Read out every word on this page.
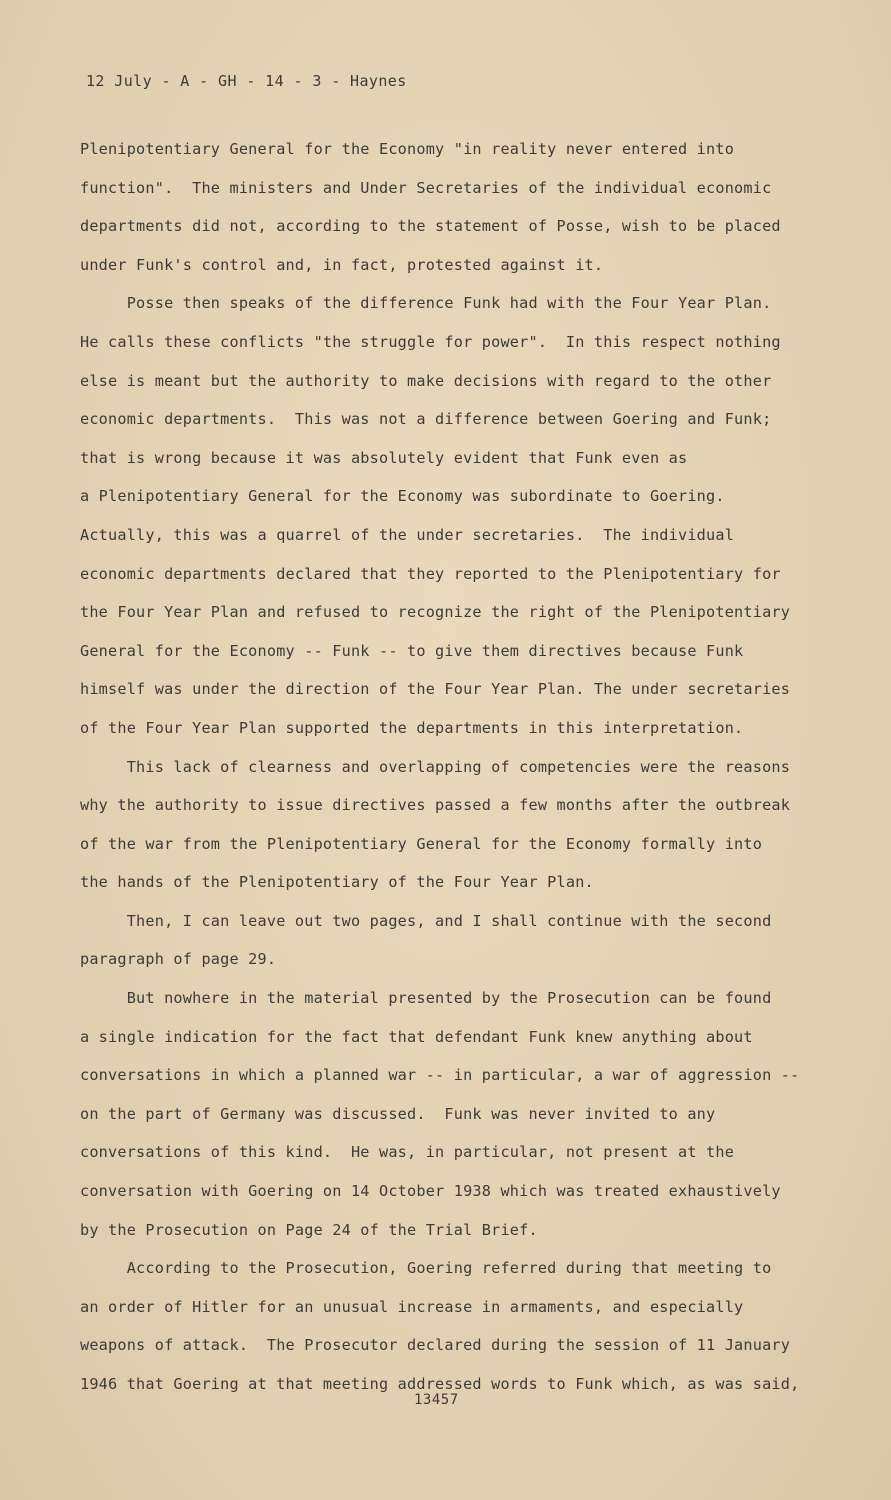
12 July - A - GH - 14 - 3 - Haynes
Plenipotentiary General for the Economy "in reality never entered into
function".  The ministers and Under Secretaries of the individual economic
departments did not, according to the statement of Posse, wish to be placed
under Funk's control and, in fact, protested against it.
Posse then speaks of the difference Funk had with the Four Year Plan.
He calls these conflicts "the struggle for power".  In this respect nothing
else is meant but the authority to make decisions with regard to the other
economic departments.  This was not a difference between Goering and Funk;
that is wrong because it was absolutely evident that Funk even as
a Plenipotentiary General for the Economy was subordinate to Goering.
Actually, this was a quarrel of the under secretaries.  The individual
economic departments declared that they reported to the Plenipotentiary for
the Four Year Plan and refused to recognize the right of the Plenipotentiary
General for the Economy -- Funk -- to give them directives because Funk
himself was under the direction of the Four Year Plan. The under secretaries
of the Four Year Plan supported the departments in this interpretation.
This lack of clearness and overlapping of competencies were the reasons
why the authority to issue directives passed a few months after the outbreak
of the war from the Plenipotentiary General for the Economy formally into
the hands of the Plenipotentiary of the Four Year Plan.
Then, I can leave out two pages, and I shall continue with the second
paragraph of page 29.
But nowhere in the material presented by the Prosecution can be found
a single indication for the fact that defendant Funk knew anything about
conversations in which a planned war -- in particular, a war of aggression --
on the part of Germany was discussed.  Funk was never invited to any
conversations of this kind.  He was, in particular, not present at the
conversation with Goering on 14 October 1938 which was treated exhaustively
by the Prosecution on Page 24 of the Trial Brief.
According to the Prosecution, Goering referred during that meeting to
an order of Hitler for an unusual increase in armaments, and especially
weapons of attack.  The Prosecutor declared during the session of 11 January
1946 that Goering at that meeting addressed words to Funk which, as was said,
13457
